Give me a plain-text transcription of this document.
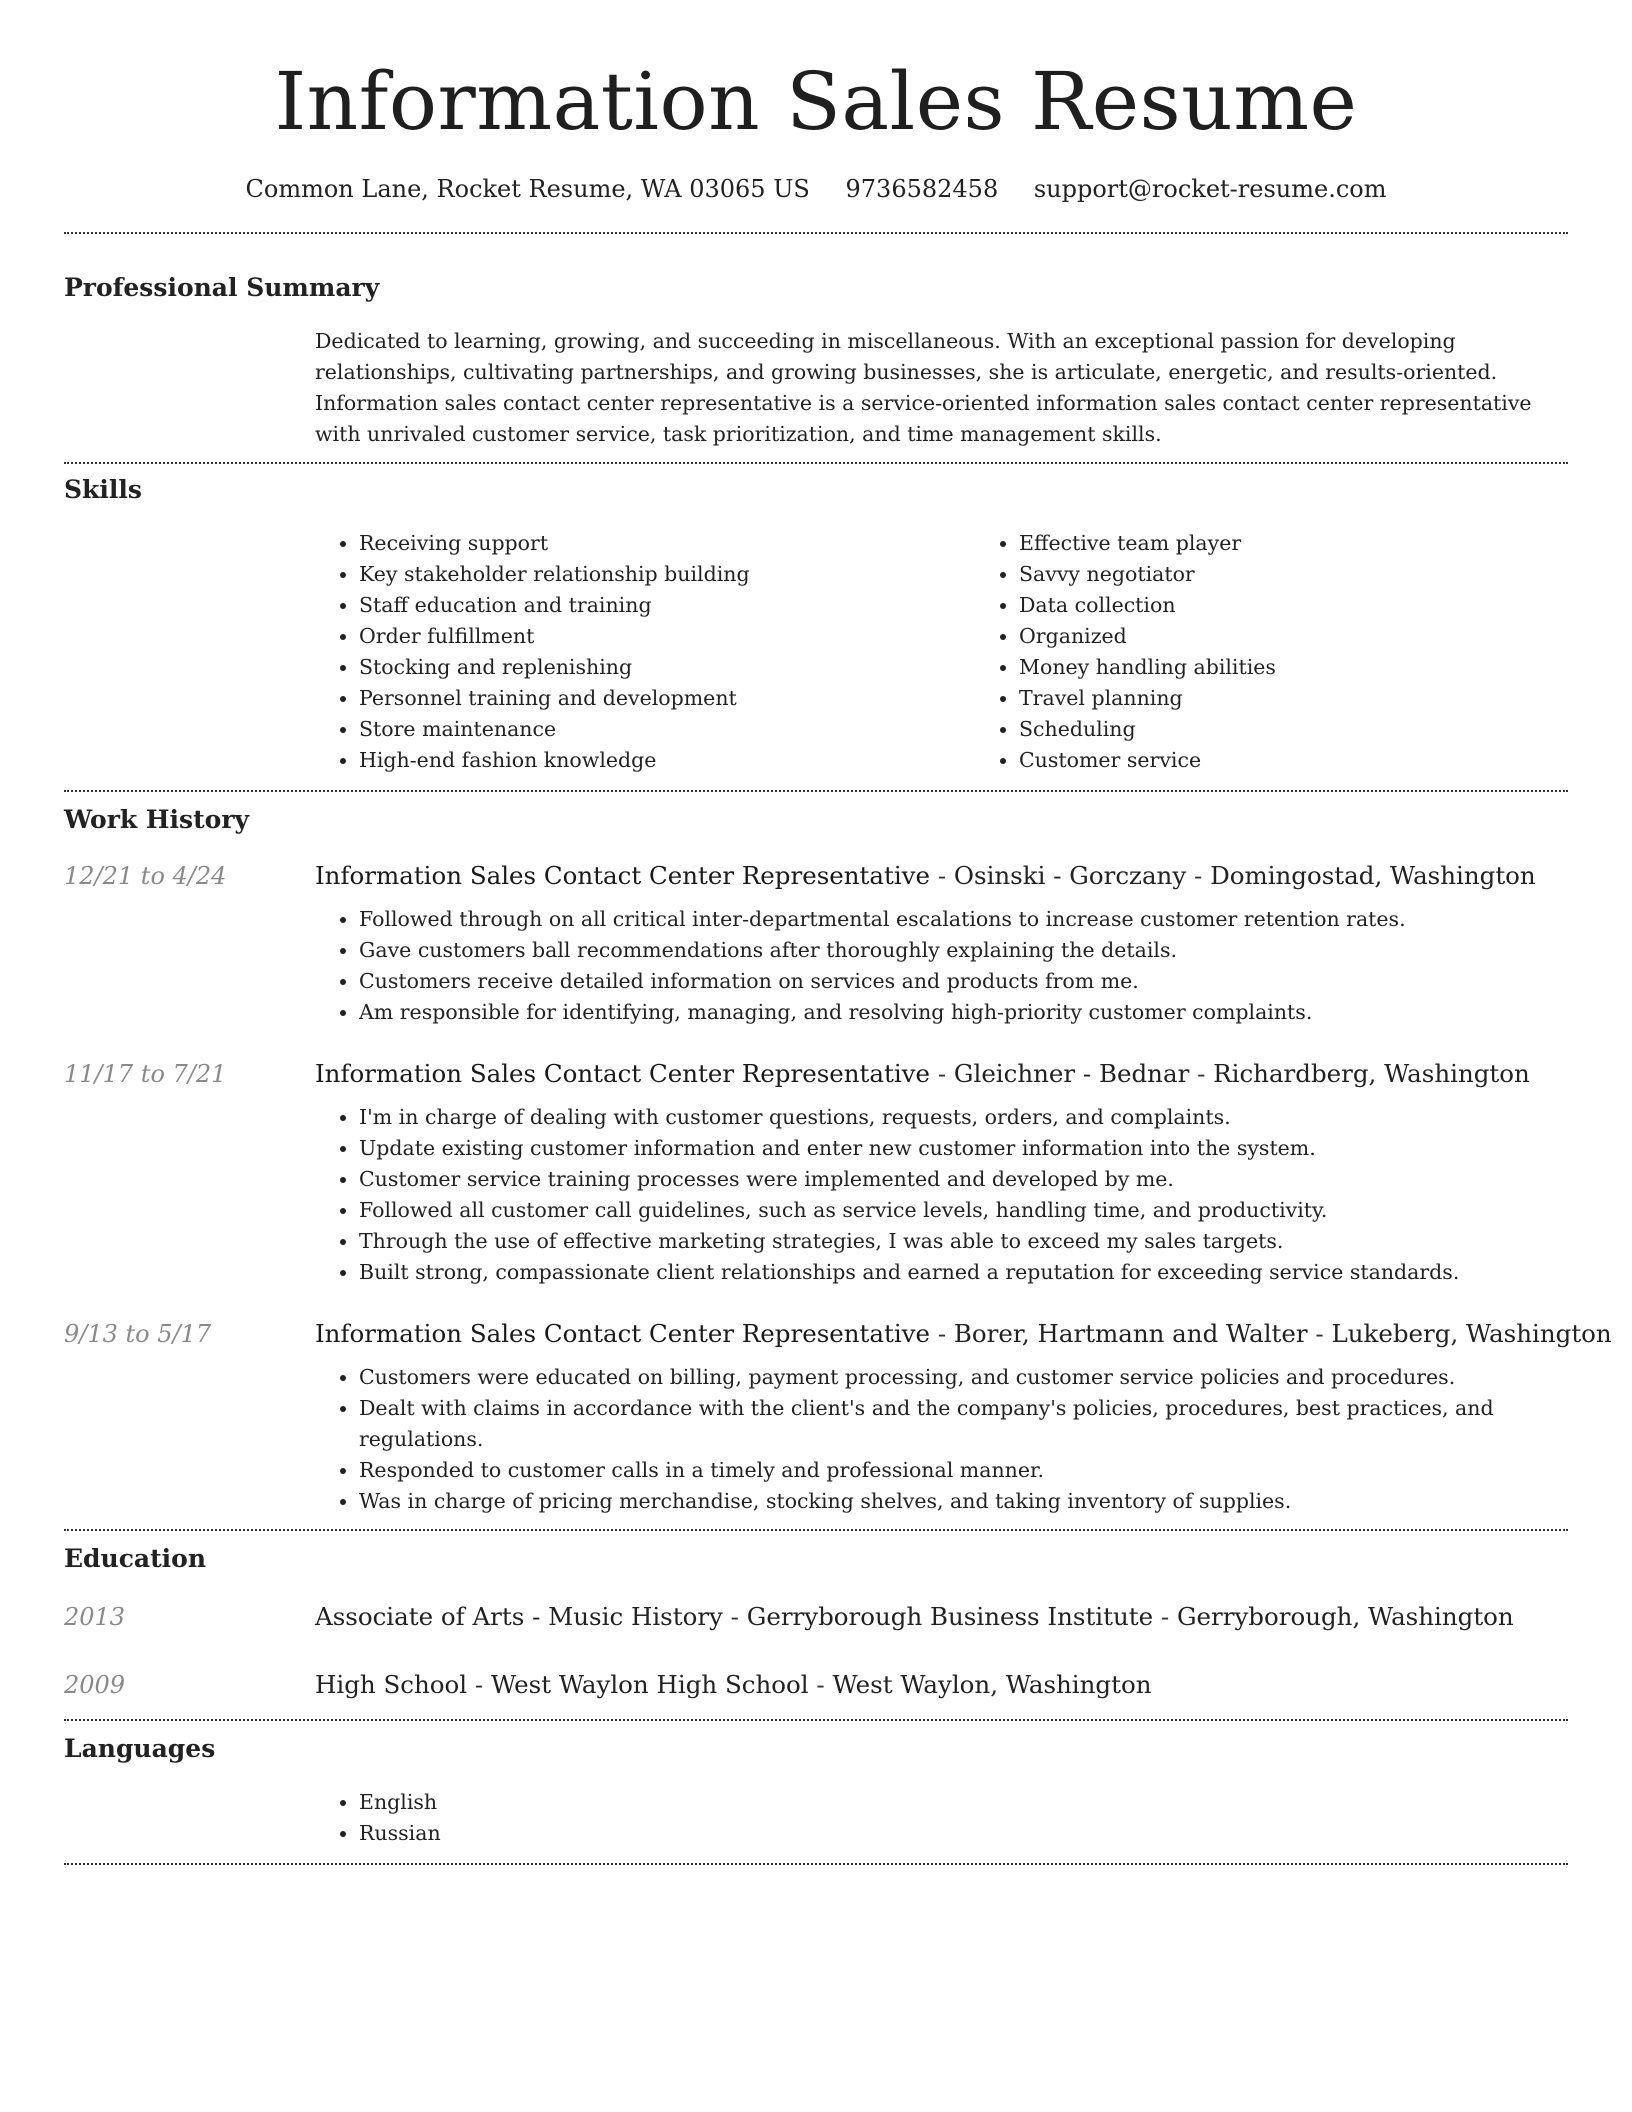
Information Sales Resume
Common Lane, Rocket Resume, WA 03065 US 9736582458 support@rocket-resume.com
Professional Summary

Dedicated to learning, growing, and succeeding in miscellaneous. With an exceptional passion for developing relationships, cultivating partnerships, and growing businesses, she is articulate, energetic, and results-oriented. Information sales contact center representative is a service-oriented information sales contact center representative with unrivaled customer service, task prioritization, and time management skills.

Skills
• Receiving support
• Key stakeholder relationship building
• Staff education and training
• Order fulfillment
• Stocking and replenishing
• Personnel training and development
• Store maintenance
• High-end fashion knowledge
• Effective team player
• Savvy negotiator
• Data collection
• Organized
• Money handling abilities
• Travel planning
• Scheduling
• Customer service
Work History
12/21 to 4/24	Information Sales Contact Center Representative - Osinski - Gorczany - Domingostad, Washington
• Followed through on all critical inter-departmental escalations to increase customer retention rates.
• Gave customers ball recommendations after thoroughly explaining the details.
• Customers receive detailed information on services and products from me.
• Am responsible for identifying, managing, and resolving high-priority customer complaints.
11/17 to 7/21	Information Sales Contact Center Representative - Gleichner - Bednar - Richardberg, Washington
• I'm in charge of dealing with customer questions, requests, orders, and complaints.
• Update existing customer information and enter new customer information into the system.
• Customer service training processes were implemented and developed by me.
• Followed all customer call guidelines, such as service levels, handling time, and productivity.
• Through the use of effective marketing strategies, I was able to exceed my sales targets.
• Built strong, compassionate client relationships and earned a reputation for exceeding service standards.
9/13 to 5/17	Information Sales Contact Center Representative - Borer, Hartmann and Walter - Lukeberg, Washington
• Customers were educated on billing, payment processing, and customer service policies and procedures.
• Dealt with claims in accordance with the client's and the company's policies, procedures, best practices, and regulations.
• Responded to customer calls in a timely and professional manner.
• Was in charge of pricing merchandise, stocking shelves, and taking inventory of supplies.
Education
2013	Associate of Arts - Music History - Gerryborough Business Institute - Gerryborough, Washington
2009	High School - West Waylon High School - West Waylon, Washington
Languages
• English
• Russian
